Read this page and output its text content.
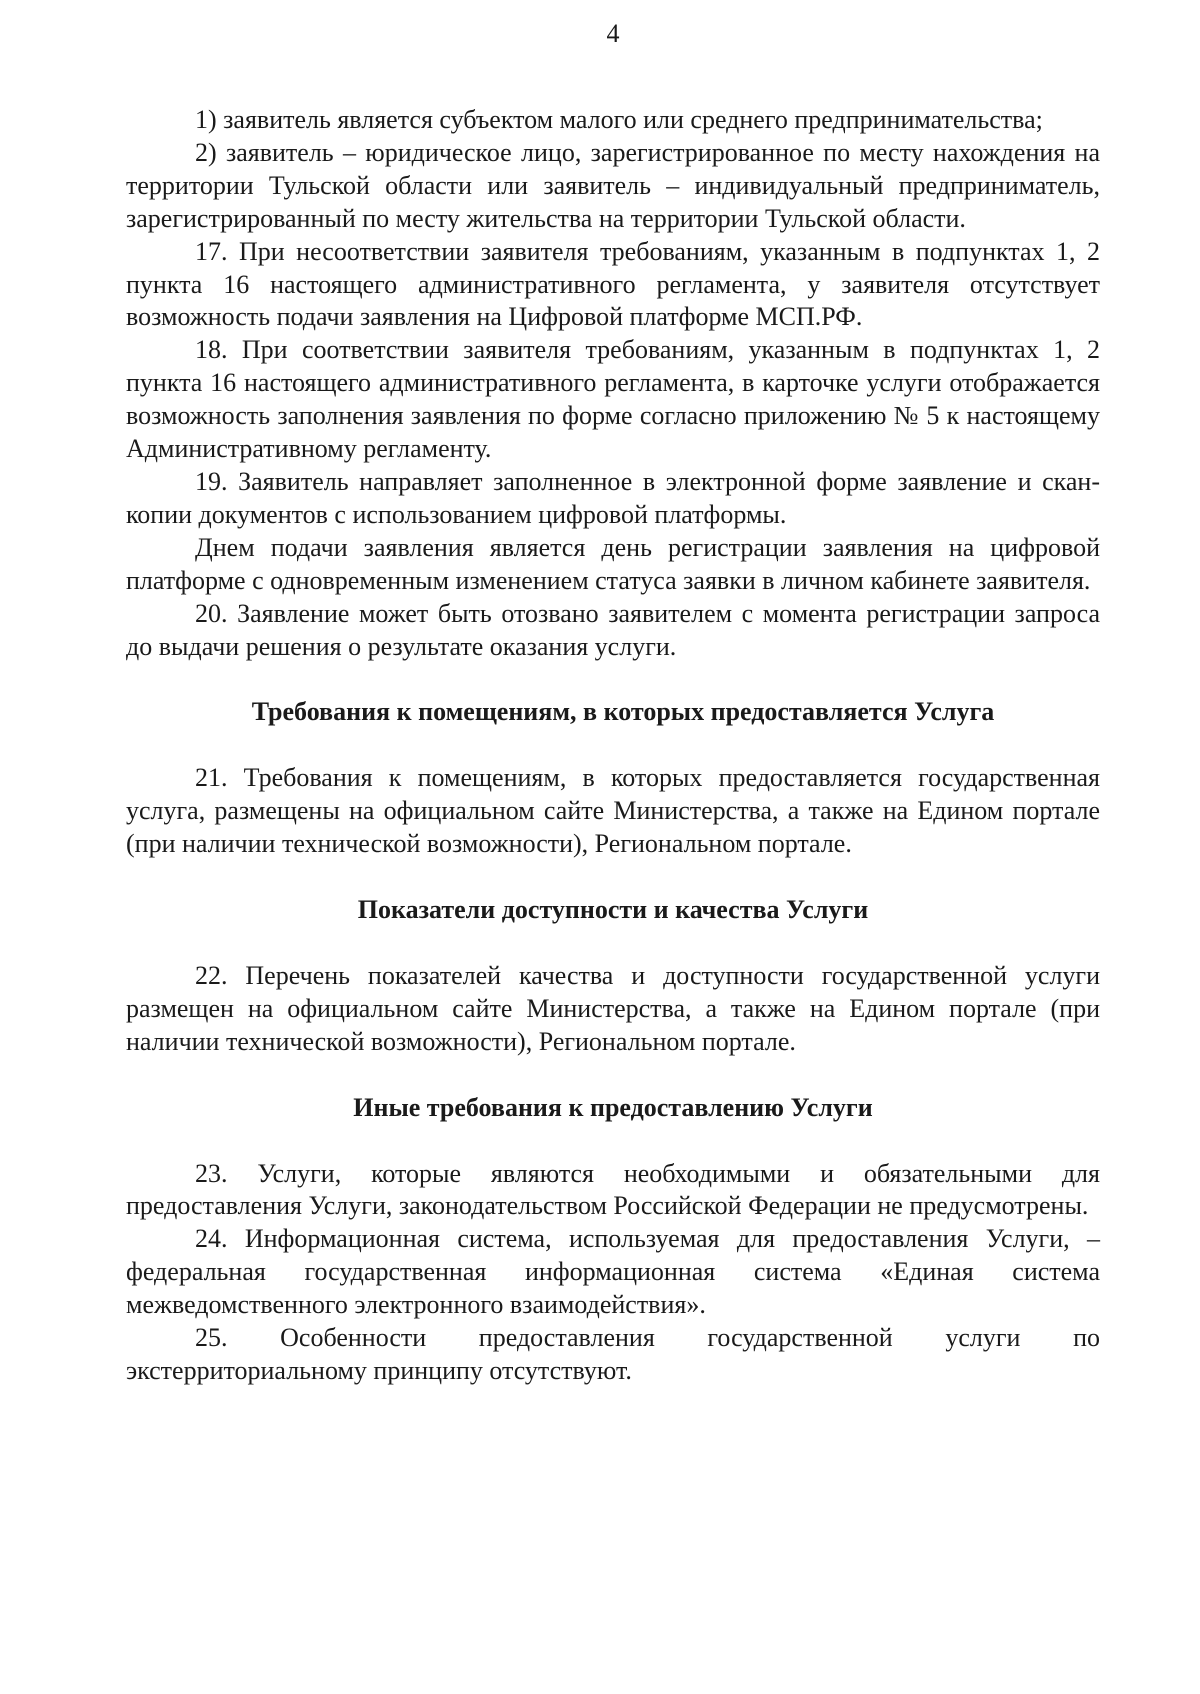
4

1) заявитель является субъектом малого или среднего предпринимательства;

2) заявитель – юридическое лицо, зарегистрированное по месту нахождения на территории Тульской области или заявитель – индивидуальный предприниматель, зарегистрированный по месту жительства на территории Тульской области.

17. При несоответствии заявителя требованиям, указанным в подпунктах 1, 2 пункта 16 настоящего административного регламента, у заявителя отсутствует возможность подачи заявления на Цифровой платформе МСП.РФ.

18. При соответствии заявителя требованиям, указанным в подпунктах 1, 2 пункта 16 настоящего административного регламента, в карточке услуги отображается возможность заполнения заявления по форме согласно приложению № 5 к настоящему Административному регламенту.

19. Заявитель направляет заполненное в электронной форме заявление и скан-копии документов с использованием цифровой платформы.

Днем подачи заявления является день регистрации заявления на цифровой платформе с одновременным изменением статуса заявки в личном кабинете заявителя.

20. Заявление может быть отозвано заявителем с момента регистрации запроса до выдачи решения о результате оказания услуги.

Требования к помещениям, в которых предоставляется Услуга

21. Требования к помещениям, в которых предоставляется государственная услуга, размещены на официальном сайте Министерства, а также на Едином портале (при наличии технической возможности), Региональном портале.

Показатели доступности и качества Услуги

22. Перечень показателей качества и доступности государственной услуги размещен на официальном сайте Министерства, а также на Едином портале (при наличии технической возможности), Региональном портале.

Иные требования к предоставлению Услуги

23. Услуги, которые являются необходимыми и обязательными для предоставления Услуги, законодательством Российской Федерации не предусмотрены.

24. Информационная система, используемая для предоставления Услуги, – федеральная государственная информационная система «Единая система межведомственного электронного взаимодействия».

25. Особенности предоставления государственной услуги по экстерриториальному принципу отсутствуют.
